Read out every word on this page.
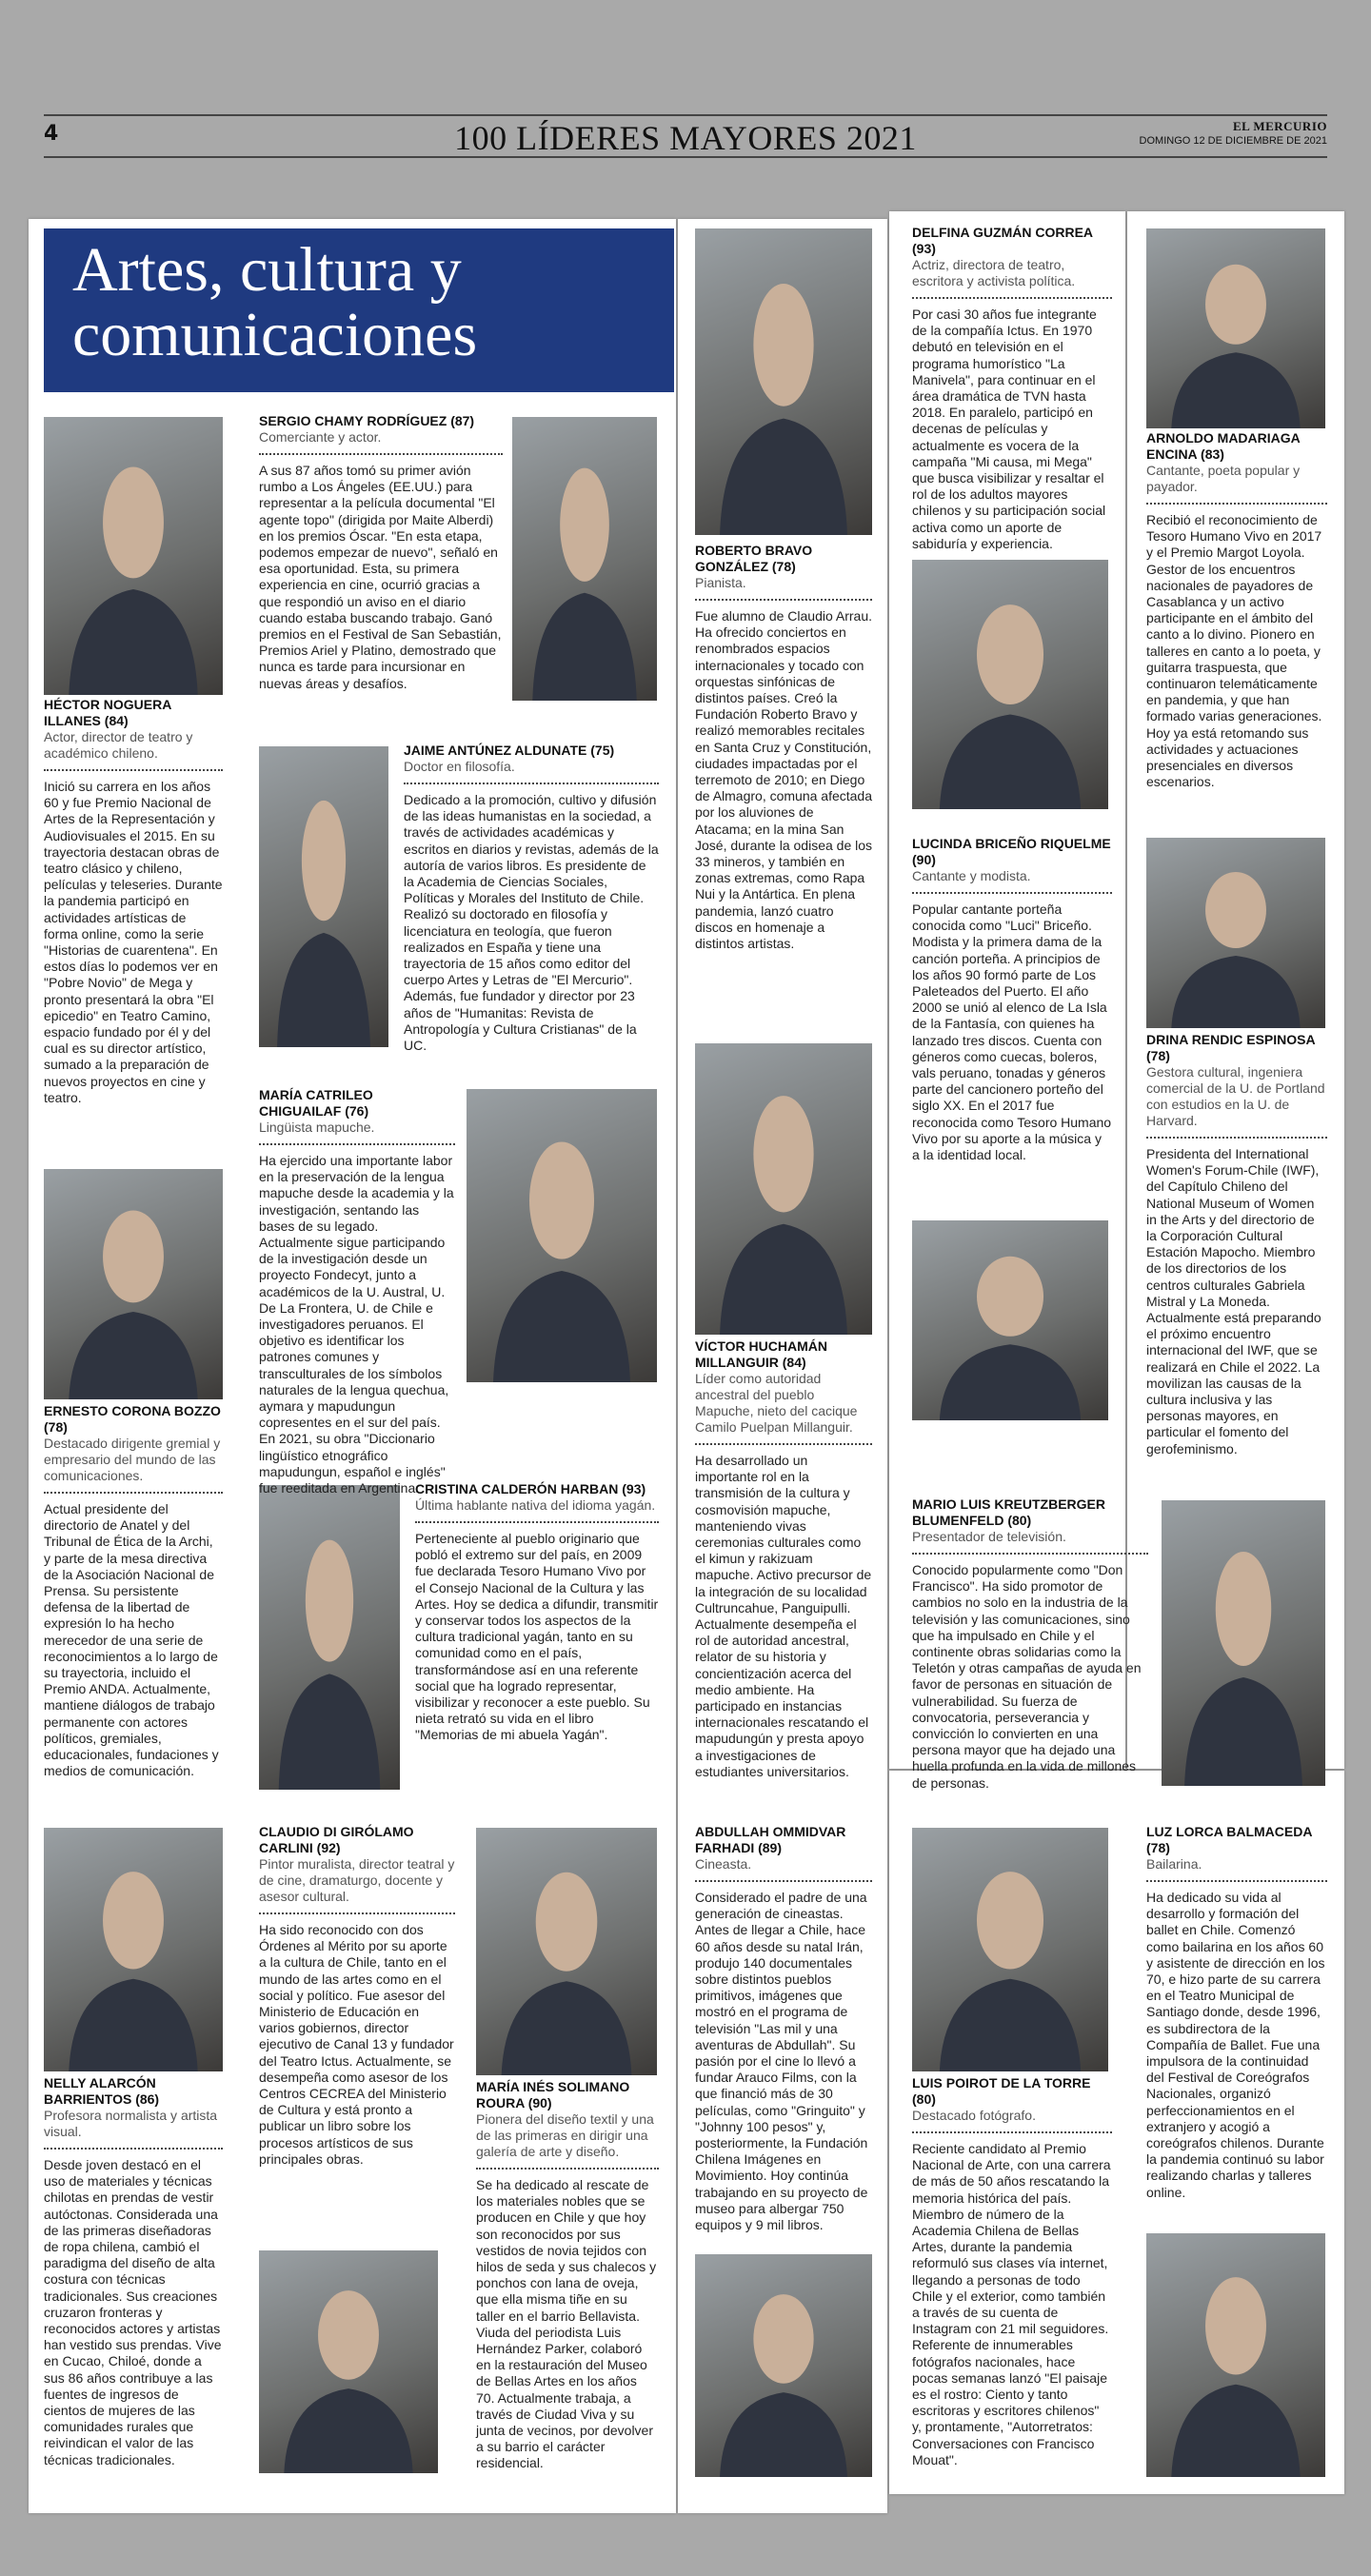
4	100 LÍDERES MAYORES 2021	EL MERCURIO
DOMINGO 12 DE DICIEMBRE DE 2021
Artes, cultura y comunicaciones
HÉCTOR NOGUERA ILLANES (84)
Actor, director de teatro y académico chileno.
Inició su carrera en los años 60 y fue Premio Nacional de Artes de la Representación y Audiovisuales el 2015. En su trayectoria destacan obras de teatro clásico y chileno, películas y teleseries. Durante la pandemia participó en actividades artísticas de forma online, como la serie "Historias de cuarentena". En estos días lo podemos ver en "Pobre Novio" de Mega y pronto presentará la obra "El epicedio" en Teatro Camino, espacio fundado por él y del cual es su director artístico, sumado a la preparación de nuevos proyectos en cine y teatro.
SERGIO CHAMY RODRÍGUEZ (87)
Comerciante y actor.
A sus 87 años tomó su primer avión rumbo a Los Ángeles (EE.UU.) para representar a la película documental "El agente topo" (dirigida por Maite Alberdi) en los premios Óscar. "En esta etapa, podemos empezar de nuevo", señaló en esa oportunidad. Esta, su primera experiencia en cine, ocurrió gracias a que respondió un aviso en el diario cuando estaba buscando trabajo. Ganó premios en el Festival de San Sebastián, Premios Ariel y Platino, demostrado que nunca es tarde para incursionar en nuevas áreas y desafíos.
ROBERTO BRAVO GONZÁLEZ (78)
Pianista.
Fue alumno de Claudio Arrau. Ha ofrecido conciertos en renombrados espacios internacionales y tocado con orquestas sinfónicas de distintos países. Creó la Fundación Roberto Bravo y realizó memorables recitales en Santa Cruz y Constitución, ciudades impactadas por el terremoto de 2010; en Diego de Almagro, comuna afectada por los aluviones de Atacama; en la mina San José, durante la odisea de los 33 mineros, y también en zonas extremas, como Rapa Nui y la Antártica. En plena pandemia, lanzó cuatro discos en homenaje a distintos artistas.
DELFINA GUZMÁN CORREA (93)
Actriz, directora de teatro, escritora y activista política.
Por casi 30 años fue integrante de la compañía Ictus. En 1970 debutó en televisión en el programa humorístico "La Manivela", para continuar en el área dramática de TVN hasta 2018. En paralelo, participó en decenas de películas y actualmente es vocera de la campaña "Mi causa, mi Mega" que busca visibilizar y resaltar el rol de los adultos mayores chilenos y su participación social activa como un aporte de sabiduría y experiencia.
ARNOLDO MADARIAGA ENCINA (83)
Cantante, poeta popular y payador.
Recibió el reconocimiento de Tesoro Humano Vivo en 2017 y el Premio Margot Loyola. Gestor de los encuentros nacionales de payadores de Casablanca y un activo participante en el ámbito del canto a lo divino. Pionero en talleres en canto a lo poeta, y guitarra traspuesta, que continuaron telemáticamente en pandemia, y que han formado varias generaciones. Hoy ya está retomando sus actividades y actuaciones presenciales en diversos escenarios.
JAIME ANTÚNEZ ALDUNATE (75)
Doctor en filosofía.
Dedicado a la promoción, cultivo y difusión de las ideas humanistas en la sociedad, a través de actividades académicas y escritos en diarios y revistas, además de la autoría de varios libros. Es presidente de la Academia de Ciencias Sociales, Políticas y Morales del Instituto de Chile. Realizó su doctorado en filosofía y licenciatura en teología, que fueron realizados en España y tiene una trayectoria de 15 años como editor del cuerpo Artes y Letras de "El Mercurio". Además, fue fundador y director por 23 años de "Humanitas: Revista de Antropología y Cultura Cristianas" de la UC.
LUCINDA BRICEÑO RIQUELME (90)
Cantante y modista.
Popular cantante porteña conocida como "Luci" Briceño. Modista y la primera dama de la canción porteña. A principios de los años 90 formó parte de Los Paleteados del Puerto. El año 2000 se unió al elenco de La Isla de la Fantasía, con quienes ha lanzado tres discos. Cuenta con géneros como cuecas, boleros, vals peruano, tonadas y géneros parte del cancionero porteño del siglo XX. En el 2017 fue reconocida como Tesoro Humano Vivo por su aporte a la música y a la identidad local.
DRINA RENDIC ESPINOSA (78)
Gestora cultural, ingeniera comercial de la U. de Portland con estudios en la U. de Harvard.
Presidenta del International Women's Forum-Chile (IWF), del Capítulo Chileno del National Museum of Women in the Arts y del directorio de la Corporación Cultural Estación Mapocho. Miembro de los directorios de los centros culturales Gabriela Mistral y La Moneda. Actualmente está preparando el próximo encuentro internacional del IWF, que se realizará en Chile el 2022. La movilizan las causas de la cultura inclusiva y las personas mayores, en particular el fomento del gerofeminismo.
MARÍA CATRILEO CHIGUAILAF (76)
Lingüista mapuche.
Ha ejercido una importante labor en la preservación de la lengua mapuche desde la academia y la investigación, sentando las bases de su legado. Actualmente sigue participando de la investigación desde un proyecto Fondecyt, junto a académicos de la U. Austral, U. De La Frontera, U. de Chile e investigadores peruanos. El objetivo es identificar los patrones comunes y transculturales de los símbolos naturales de la lengua quechua, aymara y mapudungun copresentes en el sur del país. En 2021, su obra "Diccionario lingüístico etnográfico mapudungun, español e inglés" fue reeditada en Argentina.
VÍCTOR HUCHAMÁN MILLANGUIR (84)
Líder como autoridad ancestral del pueblo Mapuche, nieto del cacique Camilo Puelpan Millanguir.
Ha desarrollado un importante rol en la transmisión de la cultura y cosmovisión mapuche, manteniendo vivas ceremonias culturales como el kimun y rakizuam mapuche. Activo precursor de la integración de su localidad Cultruncahue, Panguipulli. Actualmente desempeña el rol de autoridad ancestral, relator de su historia y concientización acerca del medio ambiente. Ha participado en instancias internacionales rescatando el mapudungún y presta apoyo a investigaciones de estudiantes universitarios.
ERNESTO CORONA BOZZO (78)
Destacado dirigente gremial y empresario del mundo de las comunicaciones.
Actual presidente del directorio de Anatel y del Tribunal de Ética de la Archi, y parte de la mesa directiva de la Asociación Nacional de Prensa. Su persistente defensa de la libertad de expresión lo ha hecho merecedor de una serie de reconocimientos a lo largo de su trayectoria, incluido el Premio ANDA. Actualmente, mantiene diálogos de trabajo permanente con actores políticos, gremiales, educacionales, fundaciones y medios de comunicación.
CRISTINA CALDERÓN HARBAN (93)
Última hablante nativa del idioma yagán.
Perteneciente al pueblo originario que pobló el extremo sur del país, en 2009 fue declarada Tesoro Humano Vivo por el Consejo Nacional de la Cultura y las Artes. Hoy se dedica a difundir, transmitir y conservar todos los aspectos de la cultura tradicional yagán, tanto en su comunidad como en el país, transformándose así en una referente social que ha logrado representar, visibilizar y reconocer a este pueblo. Su nieta retrató su vida en el libro "Memorias de mi abuela Yagán".
MARIO LUIS KREUTZBERGER BLUMENFELD (80)
Presentador de televisión.
Conocido popularmente como "Don Francisco". Ha sido promotor de cambios no solo en la industria de la televisión y las comunicaciones, sino que ha impulsado en Chile y el continente obras solidarias como la Teletón y otras campañas de ayuda en favor de personas en situación de vulnerabilidad. Su fuerza de convocatoria, perseverancia y convicción lo convierten en una persona mayor que ha dejado una huella profunda en la vida de millones de personas.
NELLY ALARCÓN BARRIENTOS (86)
Profesora normalista y artista visual.
Desde joven destacó en el uso de materiales y técnicas chilotas en prendas de vestir autóctonas. Considerada una de las primeras diseñadoras de ropa chilena, cambió el paradigma del diseño de alta costura con técnicas tradicionales. Sus creaciones cruzaron fronteras y reconocidos actores y artistas han vestido sus prendas. Vive en Cucao, Chiloé, donde a sus 86 años contribuye a las fuentes de ingresos de cientos de mujeres de las comunidades rurales que reivindican el valor de las técnicas tradicionales.
CLAUDIO DI GIRÓLAMO CARLINI (92)
Pintor muralista, director teatral y de cine, dramaturgo, docente y asesor cultural.
Ha sido reconocido con dos Órdenes al Mérito por su aporte a la cultura de Chile, tanto en el mundo de las artes como en el social y político. Fue asesor del Ministerio de Educación en varios gobiernos, director ejecutivo de Canal 13 y fundador del Teatro Ictus. Actualmente, se desempeña como asesor de los Centros CECREA del Ministerio de Cultura y está pronto a publicar un libro sobre los procesos artísticos de sus principales obras.
MARÍA INÉS SOLIMANO ROURA (90)
Pionera del diseño textil y una de las primeras en dirigir una galería de arte y diseño.
Se ha dedicado al rescate de los materiales nobles que se producen en Chile y que hoy son reconocidos por sus vestidos de novia tejidos con hilos de seda y sus chalecos y ponchos con lana de oveja, que ella misma tiñe en su taller en el barrio Bellavista. Viuda del periodista Luis Hernández Parker, colaboró en la restauración del Museo de Bellas Artes en los años 70. Actualmente trabaja, a través de Ciudad Viva y su junta de vecinos, por devolver a su barrio el carácter residencial.
ABDULLAH OMMIDVAR FARHADI (89)
Cineasta.
Considerado el padre de una generación de cineastas. Antes de llegar a Chile, hace 60 años desde su natal Irán, produjo 140 documentales sobre distintos pueblos primitivos, imágenes que mostró en el programa de televisión "Las mil y una aventuras de Abdullah". Su pasión por el cine lo llevó a fundar Arauco Films, con la que financió más de 30 películas, como "Gringuito" y "Johnny 100 pesos" y, posteriormente, la Fundación Chilena Imágenes en Movimiento. Hoy continúa trabajando en su proyecto de museo para albergar 750 equipos y 9 mil libros.
LUIS POIROT DE LA TORRE (80)
Destacado fotógrafo.
Reciente candidato al Premio Nacional de Arte, con una carrera de más de 50 años rescatando la memoria histórica del país. Miembro de número de la Academia Chilena de Bellas Artes, durante la pandemia reformuló sus clases vía internet, llegando a personas de todo Chile y el exterior, como también a través de su cuenta de Instagram con 21 mil seguidores. Referente de innumerables fotógrafos nacionales, hace pocas semanas lanzó "El paisaje es el rostro: Ciento y tanto escritoras y escritores chilenos" y, prontamente, "Autorretratos: Conversaciones con Francisco Mouat".
LUZ LORCA BALMACEDA (78)
Bailarina.
Ha dedicado su vida al desarrollo y formación del ballet en Chile. Comenzó como bailarina en los años 60 y asistente de dirección en los 70, e hizo parte de su carrera en el Teatro Municipal de Santiago donde, desde 1996, es subdirectora de la Compañía de Ballet. Fue una impulsora de la continuidad del Festival de Coreógrafos Nacionales, organizó perfeccionamientos en el extranjero y acogió a coreógrafos chilenos. Durante la pandemia continuó su labor realizando charlas y talleres online.
